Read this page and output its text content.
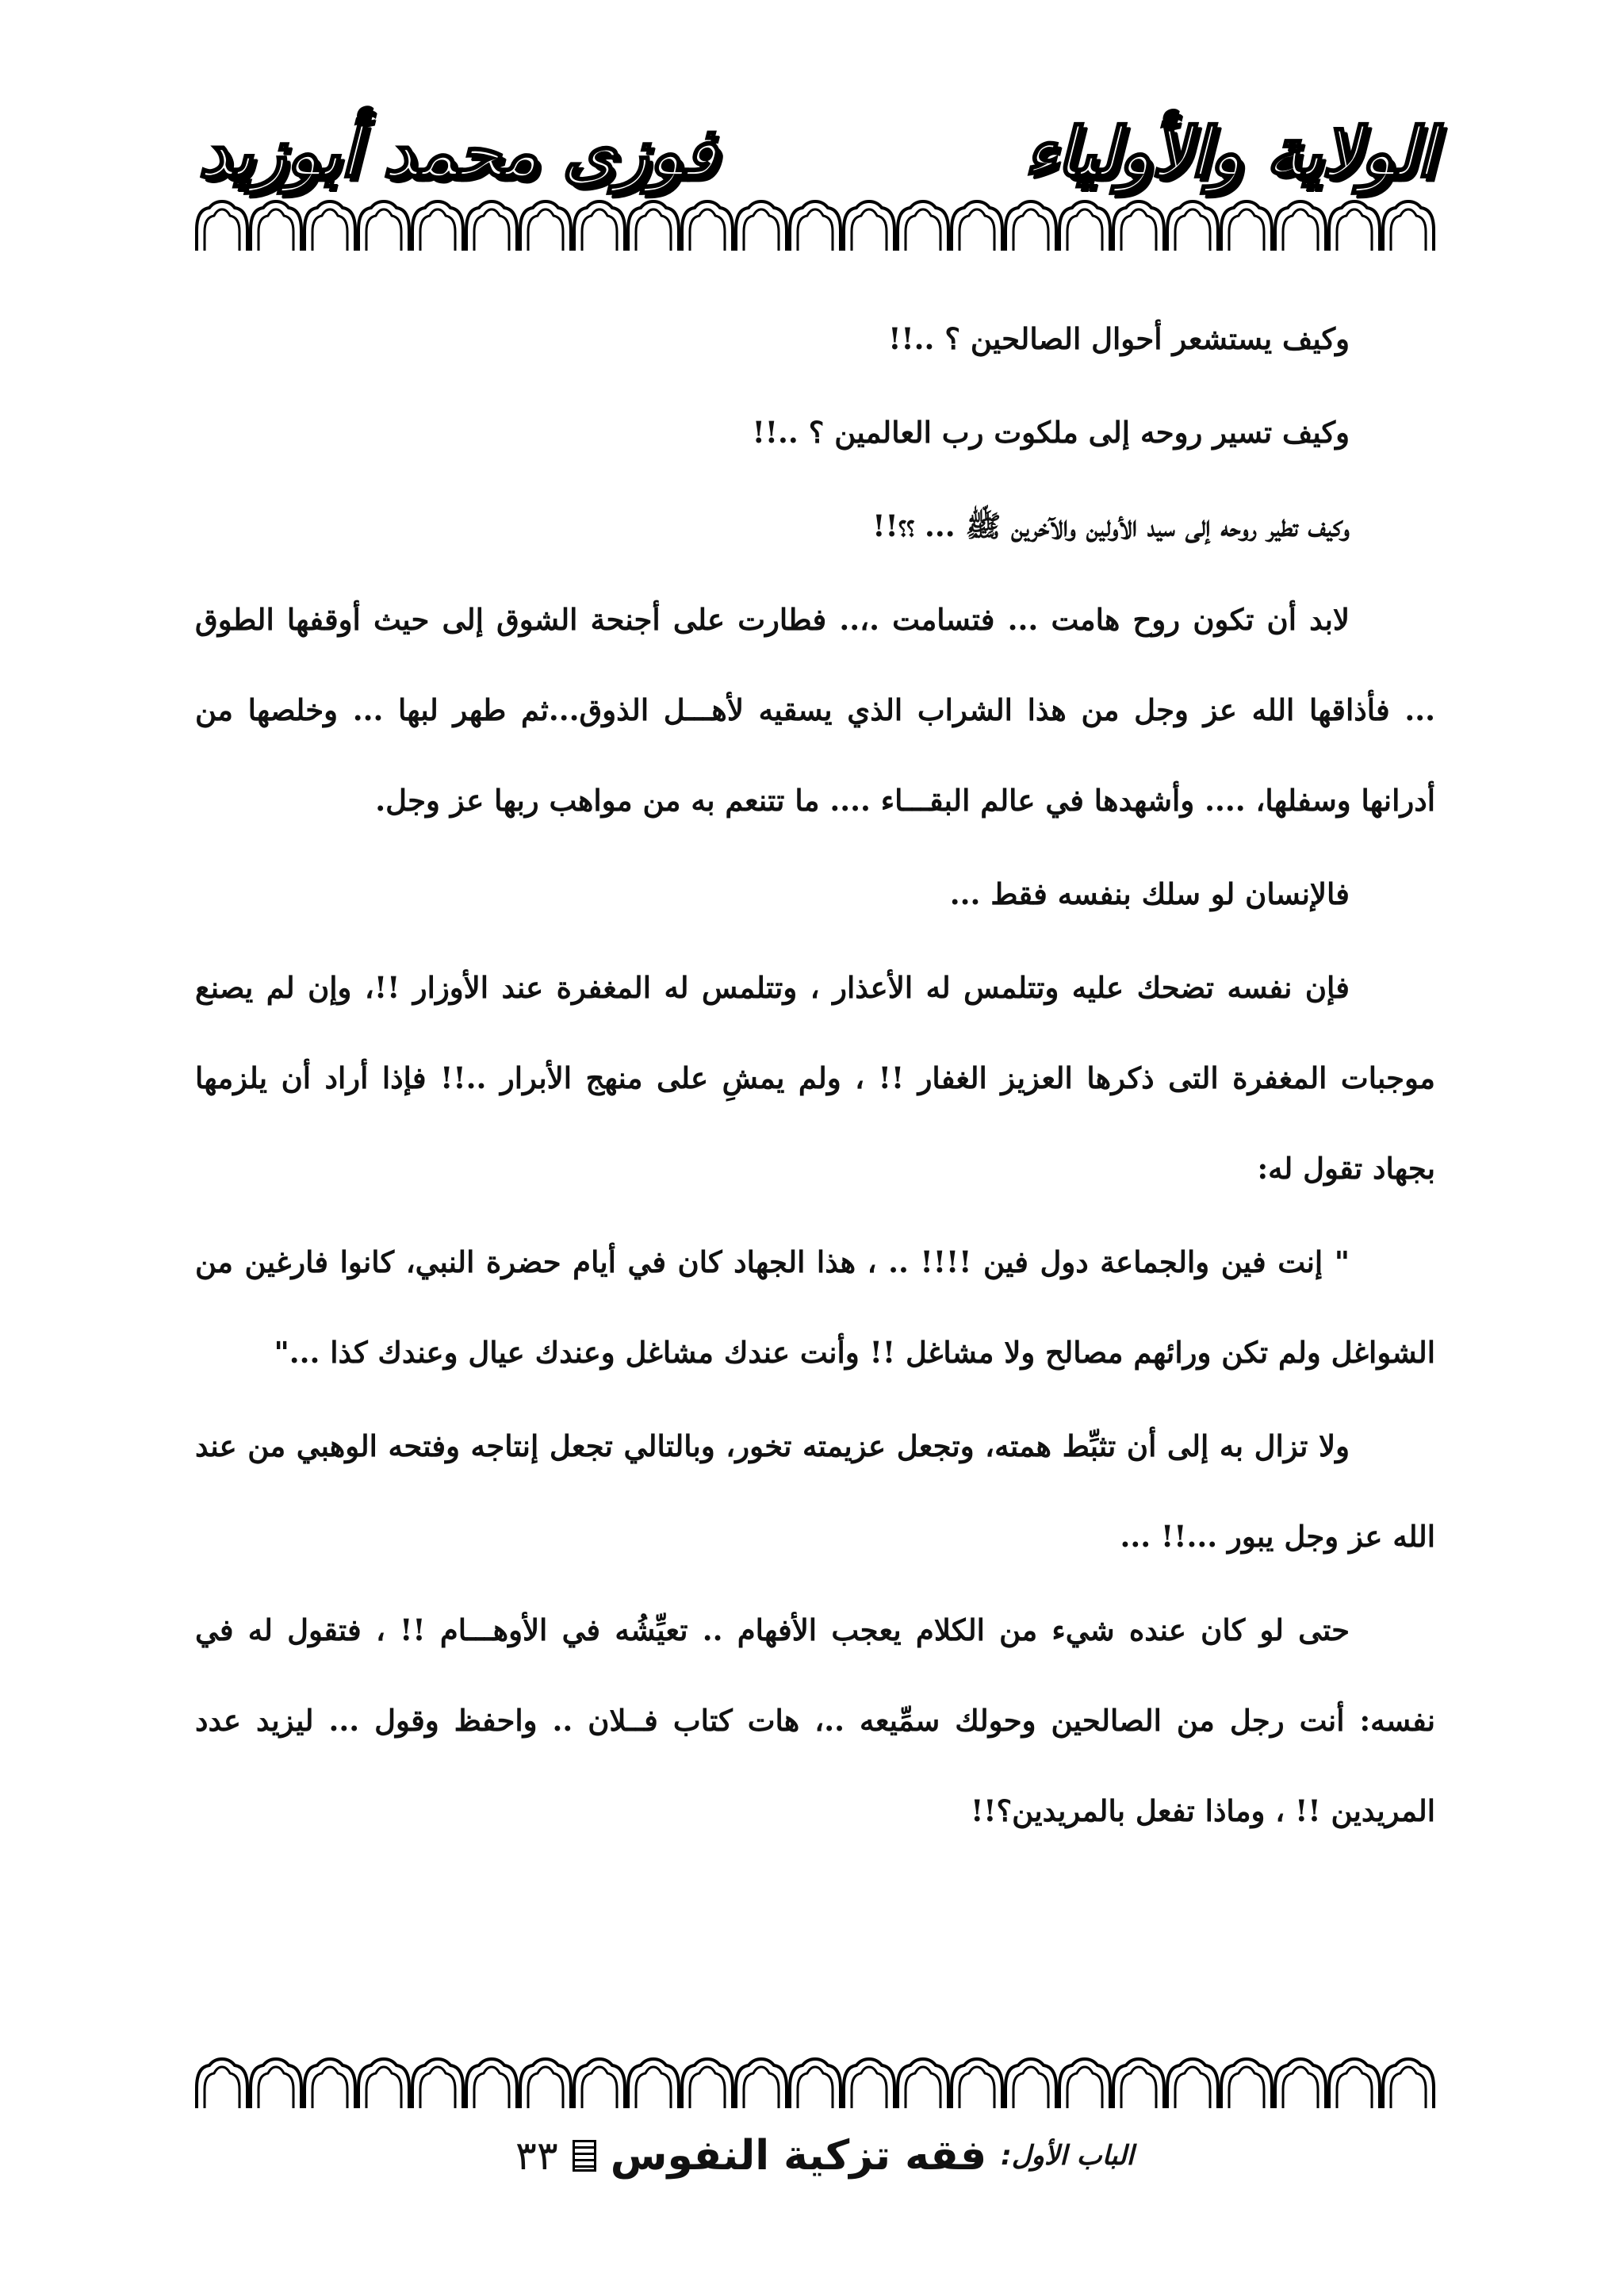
فوزى محمد أبوزيد	الولاية والأولياء

وكيف يستشعر أحوال الصالحين ؟ ..!!

وكيف تسير روحه إلى ملكوت رب العالمين ؟ ..!!

وكيف تطير روحه إلى سيد الأولين والآخرين ﷺ ... ؟؟!!

لابد أن تكون روح هامت ... فتسامت .،.. فطارت على أجنحة الشوق إلى حيث أوقفها الطوق ... فأذاقها الله عز وجل من هذا الشراب الذي يسقيه لأهـــل الذوق...ثم طهر لبها ... وخلصها من أدرانها وسفلها، .... وأشهدها في عالم البقـــاء .... ما تتنعم به من مواهب ربها عز وجل.

فالإنسان لو سلك بنفسه فقط ...

فإن نفسه تضحك عليه وتتلمس له الأعذار ، وتتلمس له المغفرة عند الأوزار !!، وإن لم يصنع موجبات المغفرة التى ذكرها العزيز الغفار !! ، ولم يمشِ على منهج الأبرار ..!! فإذا أراد أن يلزمها بجهاد تقول له:

" إنت فين والجماعة دول فين !!!! .. ، هذا الجهاد كان في أيام حضرة النبي، كانوا فارغين من الشواغل ولم تكن ورائهم مصالح ولا مشاغل !! وأنت عندك مشاغل وعندك عيال وعندك كذا ..."

ولا تزال به إلى أن تثبِّط همته، وتجعل عزيمته تخور، وبالتالي تجعل إنتاجه وفتحه الوهبي من عند الله عز وجل يبور ...!! ...

حتى لو كان عنده شيء من الكلام يعجب الأفهام .. تعيِّشُه في الأوهـــام !! ، فتقول له في نفسه: أنت رجل من الصالحين وحولك سمِّيعه ..، هات كتاب فــلان .. واحفظ وقول ... ليزيد عدد المريدين !! ، وماذا تفعل بالمريدين؟!!

الباب الأول:
فقه تزكية النفوس
٣٣
